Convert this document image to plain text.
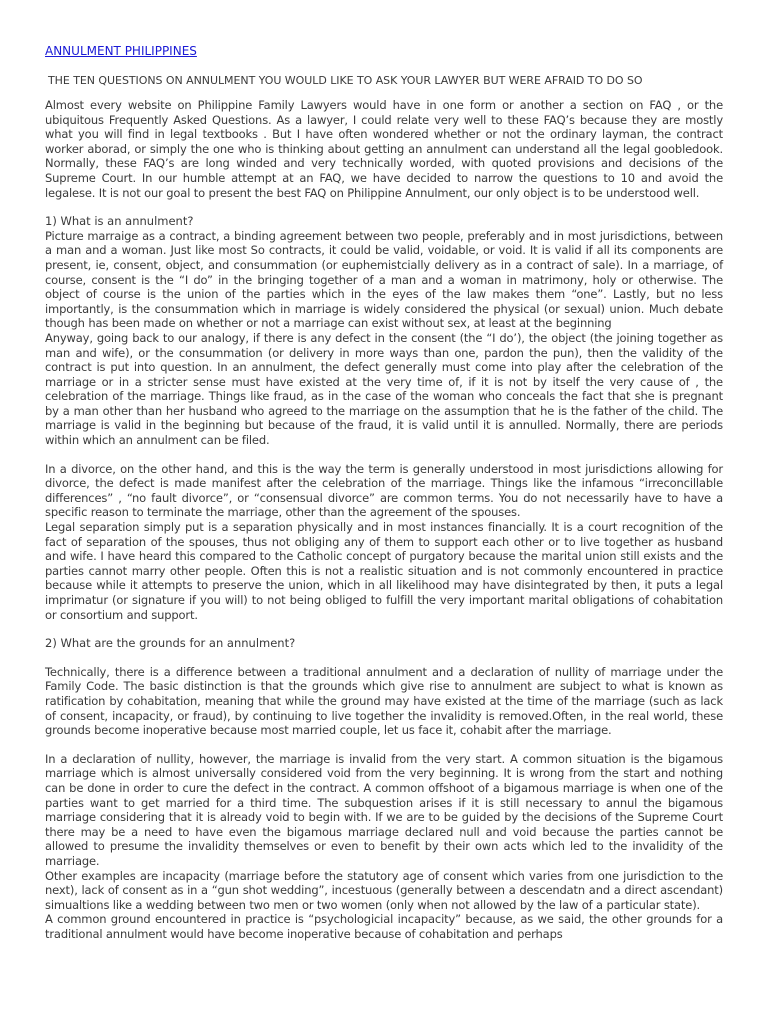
ANNULMENT PHILIPPINES
THE TEN QUESTIONS ON ANNULMENT YOU WOULD LIKE TO ASK YOUR LAWYER BUT WERE AFRAID TO DO SO

Almost every website on Philippine Family Lawyers would have in one form or another a section on FAQ , or the ubiquitous Frequently Asked Questions. As a lawyer, I could relate very well to these FAQ’s because they are mostly what you will find in legal textbooks . But I have often wondered whether or not the ordinary layman, the contract worker aborad, or simply the one who is thinking about getting an annulment can understand all the legal goobledook. Normally, these FAQ’s are long winded and very technically worded, with quoted provisions and decisions of the Supreme Court. In our humble attempt at an FAQ, we have decided to narrow the questions to 10 and avoid the legalese. It is not our goal to present the best FAQ on Philippine Annulment, our only object is to be understood well.

1) What is an annulment?

Picture marraige as a contract, a binding agreement between two people, preferably and in most jurisdictions, between a man and a woman. Just like most So contracts, it could be valid, voidable, or void. It is valid if all its components are present, ie, consent, object, and consummation (or euphemistcially delivery as in a contract of sale). In a marriage, of course, consent is the “I do” in the bringing together of a man and a woman in matrimony, holy or otherwise. The object of course is the union of the parties which in the eyes of the law makes them “one”. Lastly, but no less importantly, is the consummation which in marriage is widely considered the physical (or sexual) union. Much debate though has been made on whether or not a marriage can exist without sex, at least at the beginning

Anyway, going back to our analogy, if there is any defect in the consent (the “I do’), the object (the joining together as man and wife), or the consummation (or delivery in more ways than one, pardon the pun), then the validity of the contract is put into question. In an annulment, the defect generally must come into play after the celebration of the marriage or in a stricter sense must have existed at the very time of, if it is not by itself the very cause of , the celebration of the marriage. Things like fraud, as in the case of the woman who conceals the fact that she is pregnant by a man other than her husband who agreed to the marriage on the assumption that he is the father of the child. The marriage is valid in the beginning but because of the fraud, it is valid until it is annulled. Normally, there are periods within which an annulment can be filed.

In a divorce, on the other hand, and this is the way the term is generally understood in most jurisdictions allowing for divorce, the defect is made manifest after the celebration of the marriage. Things like the infamous “irreconcillable differences” , “no fault divorce”, or “consensual divorce” are common terms. You do not necessarily have to have a specific reason to terminate the marriage, other than the agreement of the spouses.

Legal separation simply put is a separation physically and in most instances financially. It is a court recognition of the fact of separation of the spouses, thus not obliging any of them to support each other or to live together as husband and wife. I have heard this compared to the Catholic concept of purgatory because the marital union still exists and the parties cannot marry other people. Often this is not a realistic situation and is not commonly encountered in practice because while it attempts to preserve the union, which in all likelihood may have disintegrated by then, it puts a legal imprimatur (or signature if you will) to not being obliged to fulfill the very important marital obligations of cohabitation or consortium and support.

2) What are the grounds for an annulment?

Technically, there is a difference between a traditional annulment and a declaration of nullity of marriage under the Family Code. The basic distinction is that the grounds which give rise to annulment are subject to what is known as ratification by cohabitation, meaning that while the ground may have existed at the time of the marriage (such as lack of consent, incapacity, or fraud), by continuing to live together the invalidity is removed.Often, in the real world, these grounds become inoperative because most married couple, let us face it, cohabit after the marriage.

In a declaration of nullity, however, the marriage is invalid from the very start. A common situation is the bigamous marriage which is almost universally considered void from the very beginning. It is wrong from the start and nothing can be done in order to cure the defect in the contract. A common offshoot of a bigamous marriage is when one of the parties want to get married for a third time. The subquestion arises if it is still necessary to annul the bigamous marriage considering that it is already void to begin with. If we are to be guided by the decisions of the Supreme Court there may be a need to have even the bigamous marriage declared null and void because the parties cannot be allowed to presume the invalidity themselves or even to benefit by their own acts which led to the invalidity of the marriage.

Other examples are incapacity (marriage before the statutory age of consent which varies from one jurisdiction to the next), lack of consent as in a “gun shot wedding”, incestuous (generally between a descendatn and a direct ascendant) simualtions like a wedding between two men or two women (only when not allowed by the law of a particular state).

A common ground encountered in practice is “psychologicial incapacity” because, as we said, the other grounds for a traditional annulment would have become inoperative because of cohabitation and perhaps
